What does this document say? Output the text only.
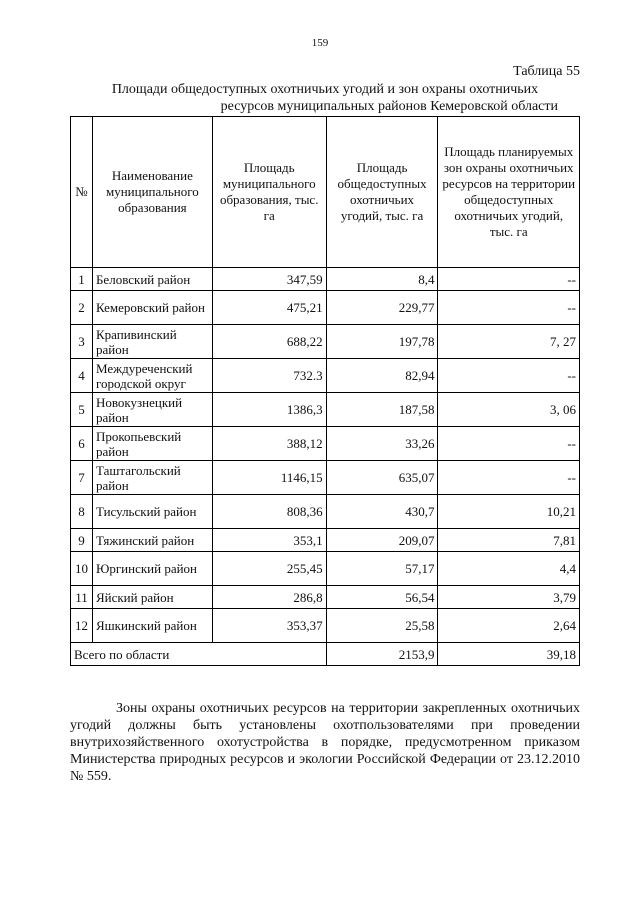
159
Таблица 55
Площади общедоступных охотничьих угодий и зон охраны охотничьих
ресурсов муниципальных районов Кемеровской области
№	Наименование муниципального образования	Площадь муниципального образования, тыс. га	Площадь общедоступных охотничьих угодий, тыс. га	Площадь планируемых зон охраны охотничьих ресурсов на территории общедоступных охотничьих угодий, тыс. га
1	Беловский район	347,59	8,4	--
2	Кемеровский район	475,21	229,77	--
3	Крапивинский район	688,22	197,78	7, 27
4	Междуреченский городской округ	732.3	82,94	--
5	Новокузнецкий район	1386,3	187,58	3, 06
6	Прокопьевский район	388,12	33,26	--
7	Таштагольский район	1146,15	635,07	--
8	Тисульский район	808,36	430,7	10,21
9	Тяжинский район	353,1	209,07	7,81
10	Юргинский район	255,45	57,17	4,4
11	Яйский район	286,8	56,54	3,79
12	Яшкинский район	353,37	25,58	2,64
Всего по области			2153,9	39,18
Зоны охраны охотничьих ресурсов на территории закрепленных охотничьих угодий должны быть установлены охотпользователями при проведении внутрихозяйственного охотустройства в порядке, предусмотренном приказом Министерства природных ресурсов и экологии Российской Федерации от 23.12.2010 № 559.
